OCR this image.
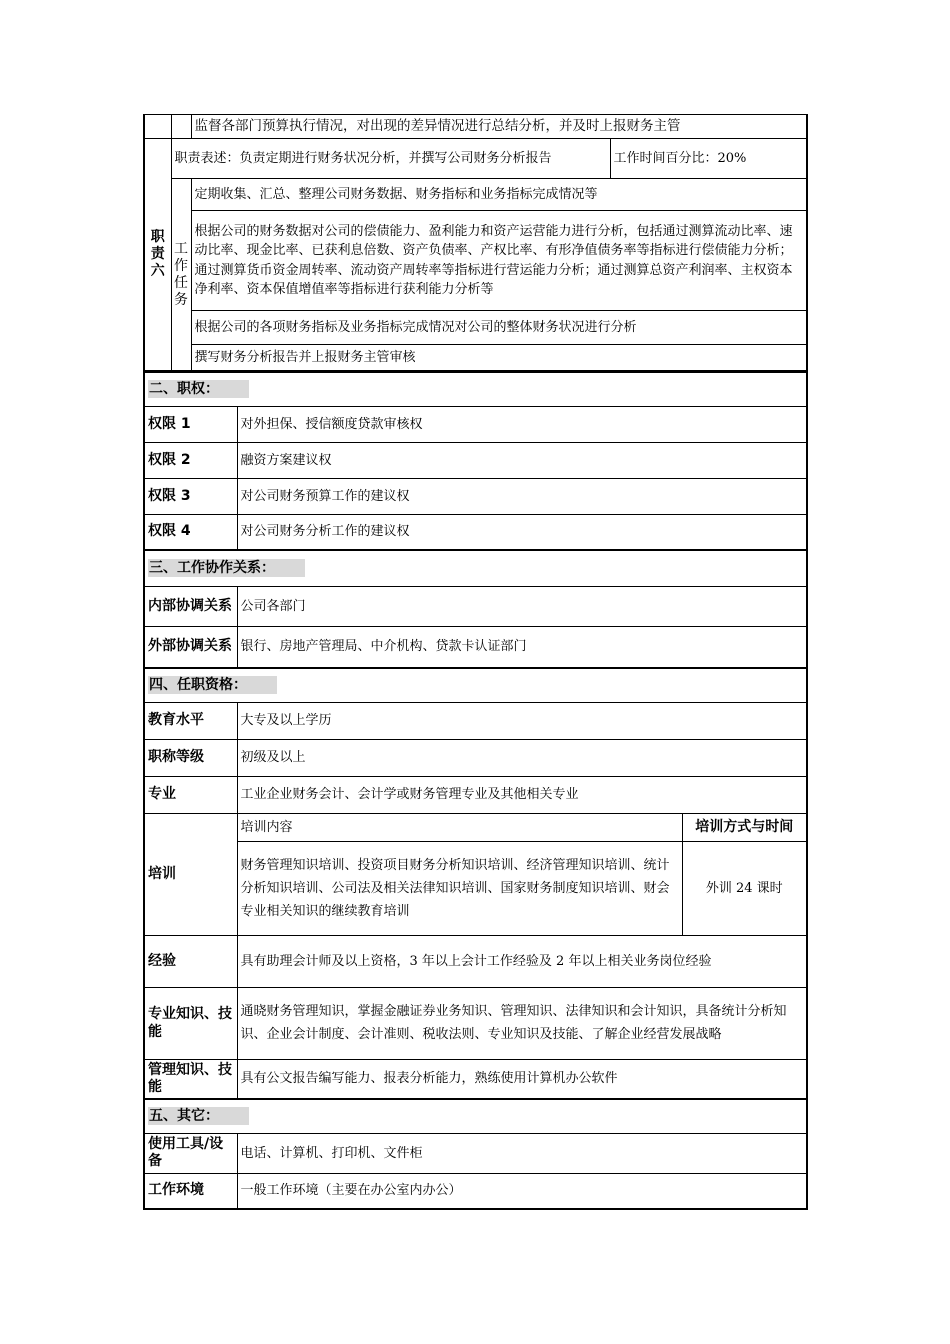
		监督各部门预算执行情况，对出现的差异情况进行总结分析，并及时上报财务主管	
职责六	职责表述：负责定期进行财务状况分析，并撰写公司财务分析报告		工作时间百分比：20%
	工作任务	定期收集、汇总、整理公司财务数据、财务指标和业务指标完成情况等	
		根据公司的财务数据对公司的偿债能力、盈利能力和资产运营能力进行分析，包括通过测算流动比率、速动比率、现金比率、已获利息倍数、资产负债率、产权比率、有形净值债务率等指标进行偿债能力分析；通过测算货币资金周转率、流动资产周转率等指标进行营运能力分析；通过测算总资产利润率、主权资本净利率、资本保值增值率等指标进行获利能力分析等	
		根据公司的各项财务指标及业务指标完成情况对公司的整体财务状况进行分析	
		撰写财务分析报告并上报财务主管审核	
二、职权：		
权限 1	对外担保、授信额度贷款审核权	
权限 2	融资方案建议权	
权限 3	对公司财务预算工作的建议权	
权限 4	对公司财务分析工作的建议权	
三、工作协作关系：		
内部协调关系	公司各部门	
外部协调关系	银行、房地产管理局、中介机构、贷款卡认证部门	
四、任职资格：		
教育水平	大专及以上学历	
职称等级	初级及以上	
专业	工业企业财务会计、会计学或财务管理专业及其他相关专业	
培训	培训内容	培训方式与时间
	财务管理知识培训、投资项目财务分析知识培训、经济管理知识培训、统计分析知识培训、公司法及相关法律知识培训、国家财务制度知识培训、财会专业相关知识的继续教育培训	外训 24 课时
经验	具有助理会计师及以上资格，3 年以上会计工作经验及 2 年以上相关业务岗位经验	
专业知识、技能	通晓财务管理知识，掌握金融证券业务知识、管理知识、法律知识和会计知识，具备统计分析知识、企业会计制度、会计准则、税收法则、专业知识及技能、了解企业经营发展战略	
管理知识、技能	具有公文报告编写能力、报表分析能力，熟练使用计算机办公软件	
五、其它：		
使用工具/设备	电话、计算机、打印机、文件柜	
工作环境	一般工作环境（主要在办公室内办公）	
